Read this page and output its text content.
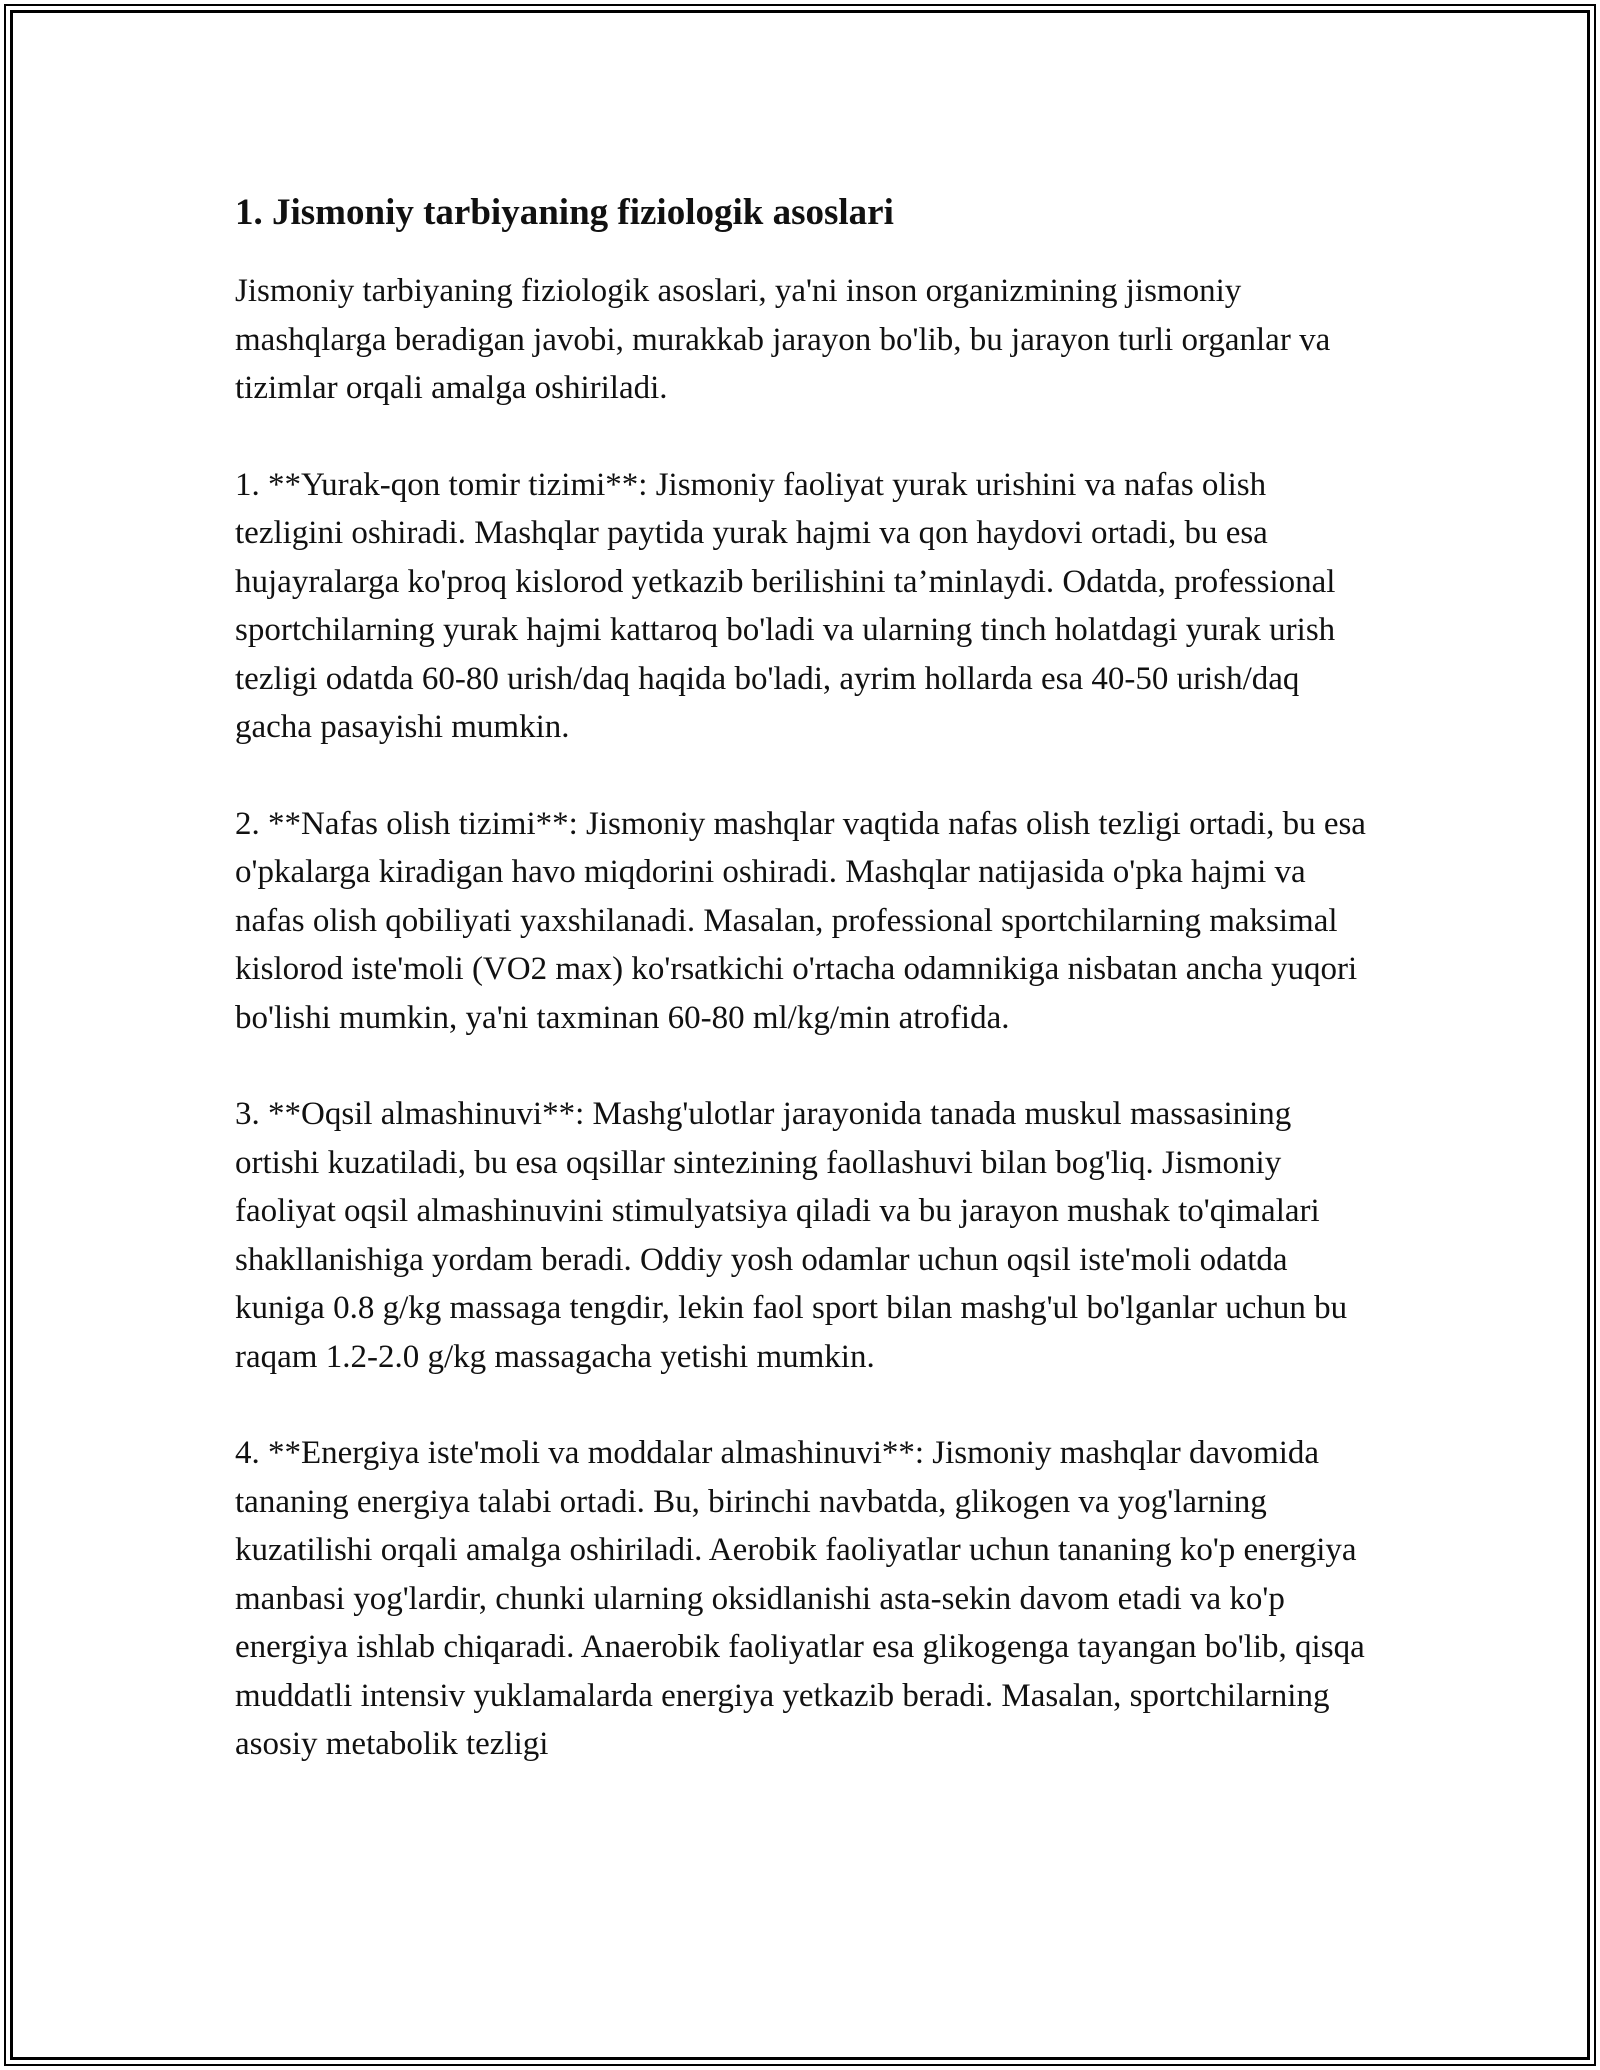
1. Jismoniy tarbiyaning fiziologik asoslari

Jismoniy tarbiyaning fiziologik asoslari, ya'ni inson organizmining jismoniy mashqlarga beradigan javobi, murakkab jarayon bo'lib, bu jarayon turli organlar va tizimlar orqali amalga oshiriladi.

1. **Yurak-qon tomir tizimi**: Jismoniy faoliyat yurak urishini va nafas olish tezligini oshiradi. Mashqlar paytida yurak hajmi va qon haydovi ortadi, bu esa hujayralarga ko'proq kislorod yetkazib berilishini ta’minlaydi. Odatda, professional sportchilarning yurak hajmi kattaroq bo'ladi va ularning tinch holatdagi yurak urish tezligi odatda 60-80 urish/daq haqida bo'ladi, ayrim hollarda esa 40-50 urish/daq gacha pasayishi mumkin.

2. **Nafas olish tizimi**: Jismoniy mashqlar vaqtida nafas olish tezligi ortadi, bu esa o'pkalarga kiradigan havo miqdorini oshiradi. Mashqlar natijasida o'pka hajmi va nafas olish qobiliyati yaxshilanadi. Masalan, professional sportchilarning maksimal kislorod iste'moli (VO2 max) ko'rsatkichi o'rtacha odamnikiga nisbatan ancha yuqori bo'lishi mumkin, ya'ni taxminan 60-80 ml/kg/min atrofida.

3. **Oqsil almashinuvi**: Mashg'ulotlar jarayonida tanada muskul massasining ortishi kuzatiladi, bu esa oqsillar sintezining faollashuvi bilan bog'liq. Jismoniy faoliyat oqsil almashinuvini stimulyatsiya qiladi va bu jarayon mushak to'qimalari shakllanishiga yordam beradi. Oddiy yosh odamlar uchun oqsil iste'moli odatda kuniga 0.8 g/kg massaga tengdir, lekin faol sport bilan mashg'ul bo'lganlar uchun bu raqam 1.2-2.0 g/kg massagacha yetishi mumkin.

4. **Energiya iste'moli va moddalar almashinuvi**: Jismoniy mashqlar davomida tananing energiya talabi ortadi. Bu, birinchi navbatda, glikogen va yog'larning kuzatilishi orqali amalga oshiriladi. Aerobik faoliyatlar uchun tananing ko'p energiya manbasi yog'lardir, chunki ularning oksidlanishi asta-sekin davom etadi va ko'p energiya ishlab chiqaradi. Anaerobik faoliyatlar esa glikogenga tayangan bo'lib, qisqa muddatli intensiv yuklamalarda energiya yetkazib beradi. Masalan, sportchilarning asosiy metabolik tezligi
